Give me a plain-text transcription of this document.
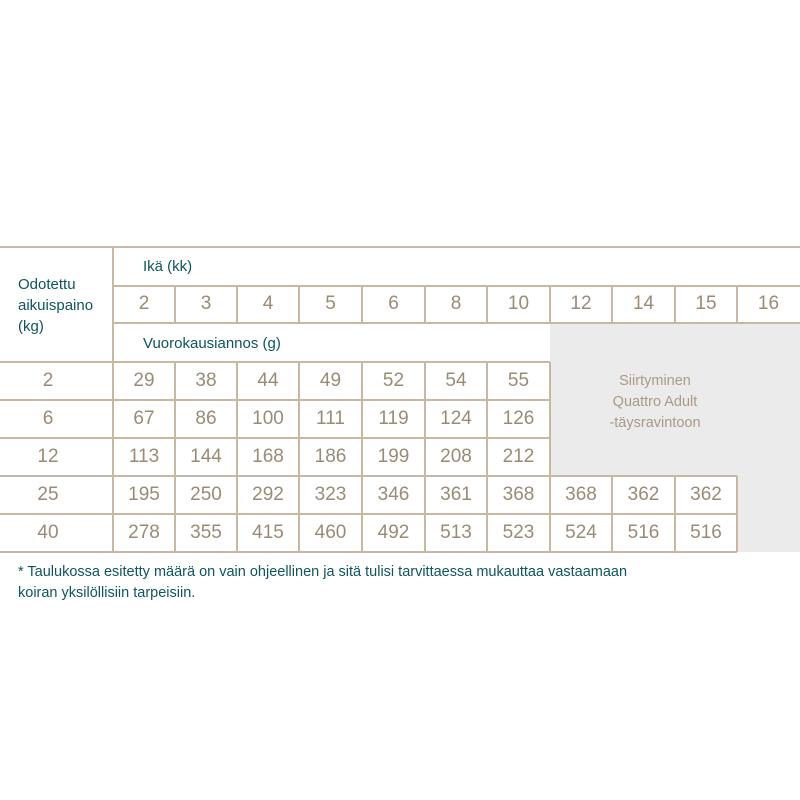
Odotettu
aikuispaino
(kg)
Ikä (kk)
Vuorokausiannos (g)
2	3	4	5	6	8	10	12	14	15	16
2	29	38	44	49	52	54	55
6	67	86	100	111	119	124	126
12	113	144	168	186	199	208	212
25	195	250	292	323	346	361	368	368	362	362
40	278	355	415	460	492	513	523	524	516	516
Siirtyminen
Quattro Adult
-täysravintoon
* Taulukossa esitetty määrä on vain ohjeellinen ja sitä tulisi tarvittaessa mukauttaa vastaamaan
koiran yksilöllisiin tarpeisiin.
